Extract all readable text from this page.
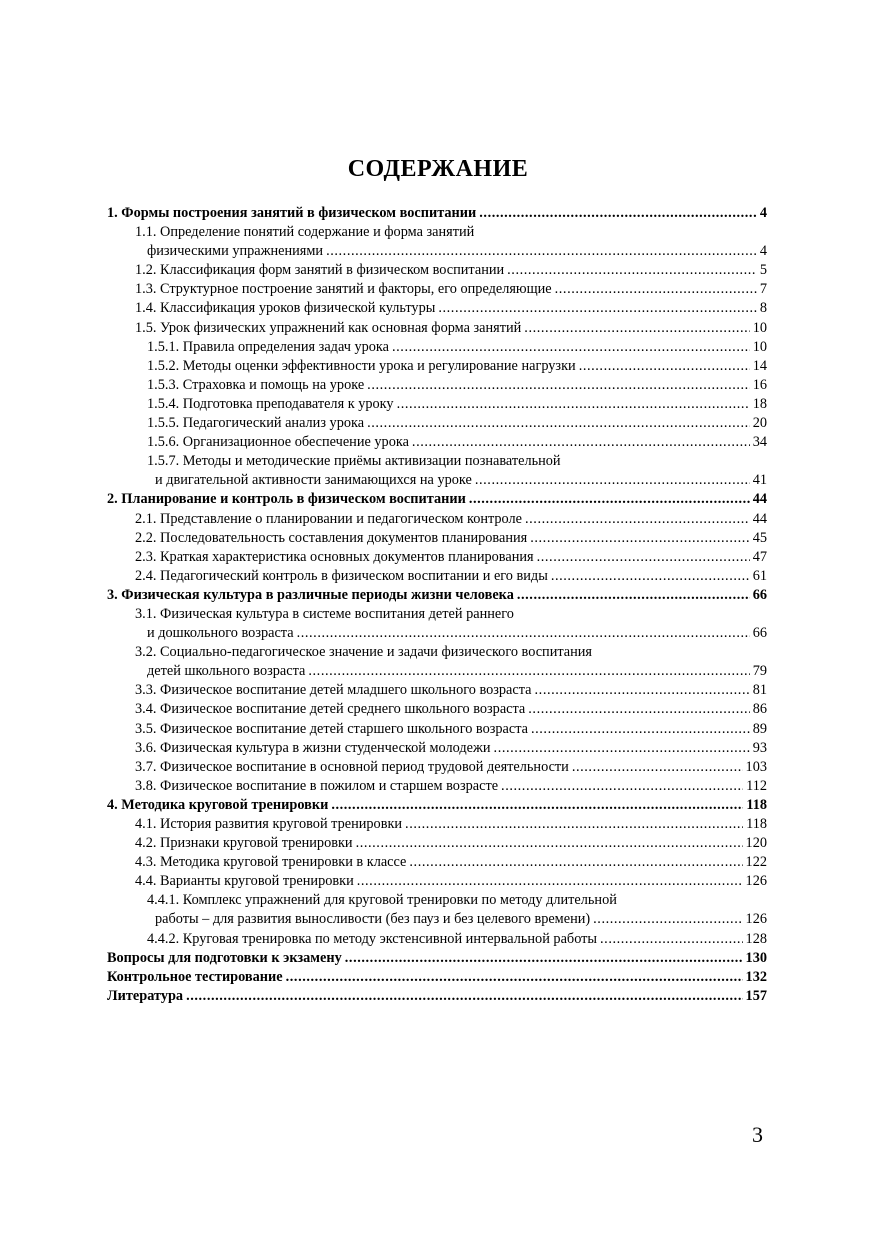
СОДЕРЖАНИЕ
1. Формы построения занятий в физическом воспитании . . .	4
1.1. Определение понятий содержание и форма занятий
физическими упражнениями . . .	4
1.2. Классификация форм занятий в физическом воспитании . . .	5
1.3. Структурное построение занятий и факторы, его определяющие . . .	7
1.4. Классификация уроков физической культуры . . .	8
1.5. Урок физических упражнений как основная форма занятий . . .	10
1.5.1. Правила определения задач урока . . .	10
1.5.2. Методы оценки эффективности урока и регулирование нагрузки . . .	14
1.5.3. Страховка и помощь на уроке . . .	16
1.5.4. Подготовка преподавателя к уроку . . .	18
1.5.5. Педагогический анализ урока . . .	20
1.5.6. Организационное обеспечение урока . . .	34
1.5.7. Методы и методические приёмы активизации познавательной
и двигательной активности занимающихся на уроке . . .	41
2. Планирование и контроль в физическом воспитании . . .	44
2.1. Представление о планировании и педагогическом контроле . . .	44
2.2. Последовательность составления документов планирования . . .	45
2.3. Краткая характеристика основных документов планирования . . .	47
2.4. Педагогический контроль в физическом воспитании и его виды . . .	61
3. Физическая культура в различные периоды жизни человека . . .	66
3.1. Физическая культура в системе воспитания детей раннего
и дошкольного возраста . . .	66
3.2. Социально-педагогическое значение и задачи физического воспитания
детей школьного возраста . . .	79
3.3. Физическое воспитание детей младшего школьного возраста . . .	81
3.4. Физическое воспитание детей среднего школьного возраста . . .	86
3.5. Физическое воспитание детей старшего школьного возраста . . .	89
3.6. Физическая культура в жизни студенческой молодежи . . .	93
3.7. Физическое воспитание в основной период трудовой деятельности . . .	103
3.8. Физическое воспитание в пожилом и старшем возрасте . . .	112
4. Методика круговой тренировки . . .	118
4.1. История развития круговой тренировки . . .	118
4.2. Признаки круговой тренировки . . .	120
4.3. Методика круговой тренировки в классе . . .	122
4.4. Варианты круговой тренировки . . .	126
4.4.1. Комплекс упражнений для круговой тренировки по методу длительной
работы – для развития выносливости (без пауз и без целевого времени) . . .	126
4.4.2. Круговая тренировка по методу экстенсивной интервальной работы . . .	128
Вопросы для подготовки к экзамену . . .	130
Контрольное тестирование . . .	132
Литература . . .	157
3
